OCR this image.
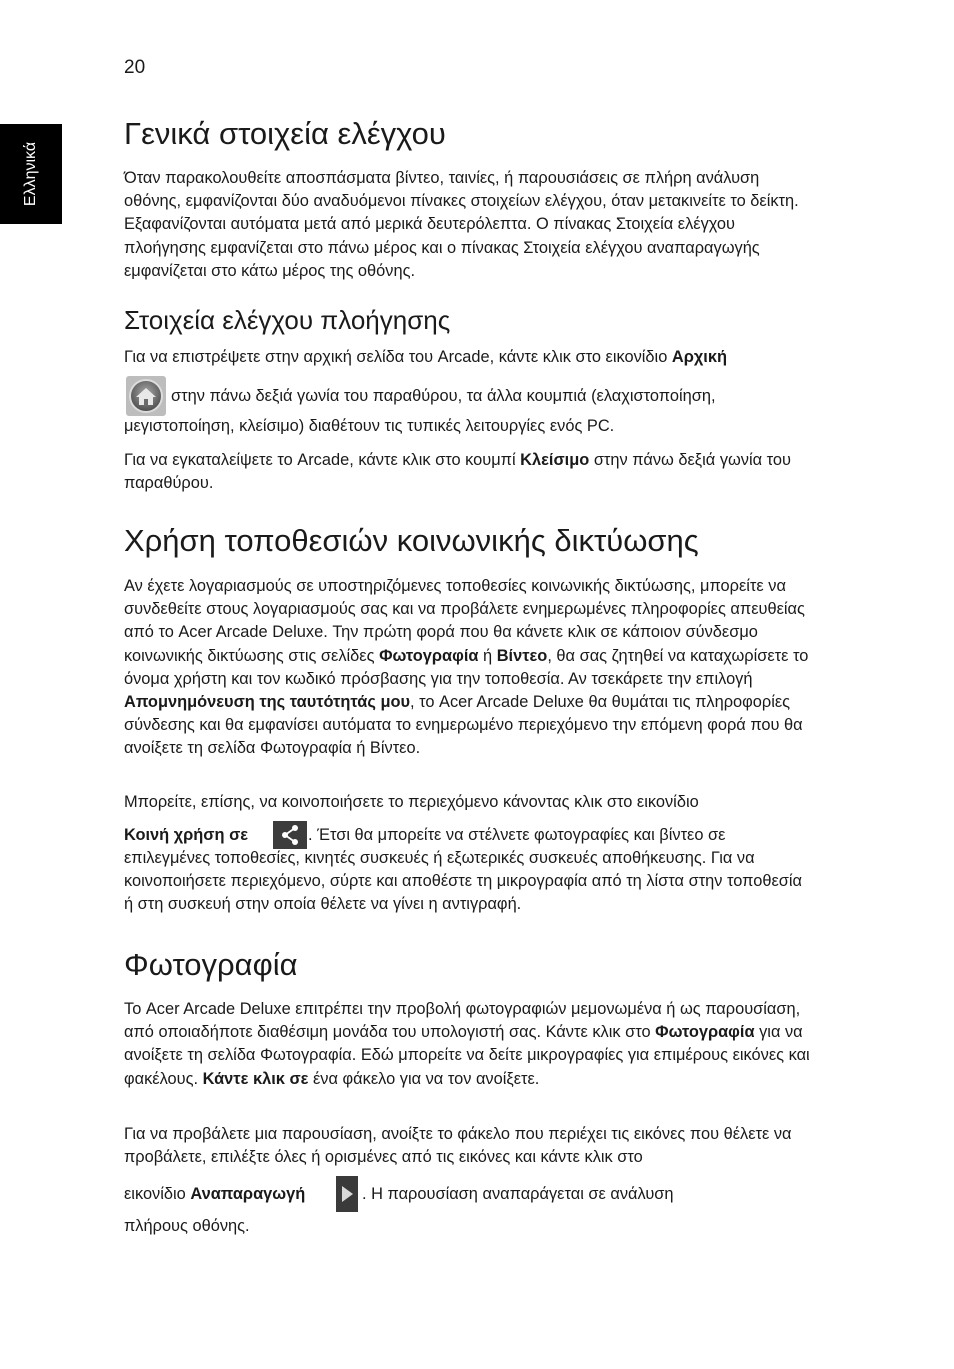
20
Ελληνικά
Γενικά στοιχεία ελέγχου

Όταν παρακολουθείτε αποσπάσματα βίντεο, ταινίες, ή παρουσιάσεις σε πλήρη ανάλυση οθόνης, εμφανίζονται δύο αναδυόμενοι πίνακες στοιχείων ελέγχου, όταν μετακινείτε το δείκτη. Εξαφανίζονται αυτόματα μετά από μερικά δευτερόλεπτα. Ο πίνακας Στοιχεία ελέγχου πλοήγησης εμφανίζεται στο πάνω μέρος και ο πίνακας Στοιχεία ελέγχου αναπαραγωγής εμφανίζεται στο κάτω μέρος της οθόνης.

Στοιχεία ελέγχου πλοήγησης

Για να επιστρέψετε στην αρχική σελίδα του Arcade, κάντε κλικ στο εικονίδιο Αρχική

στην πάνω δεξιά γωνία του παραθύρου, τα άλλα κουμπιά (ελαχιστοποίηση,

μεγιστοποίηση, κλείσιμο) διαθέτουν τις τυπικές λειτουργίες ενός PC.

Για να εγκαταλείψετε το Arcade, κάντε κλικ στο κουμπί Κλείσιμο στην πάνω δεξιά γωνία του παραθύρου.

Χρήση τοποθεσιών κοινωνικής δικτύωσης

Αν έχετε λογαριασμούς σε υποστηριζόμενες τοποθεσίες κοινωνικής δικτύωσης, μπορείτε να συνδεθείτε στους λογαριασμούς σας και να προβάλετε ενημερωμένες πληροφορίες απευθείας από το Acer Arcade Deluxe. Την πρώτη φορά που θα κάνετε κλικ σε κάποιον σύνδεσμο κοινωνικής δικτύωσης στις σελίδες Φωτογραφία ή Βίντεο, θα σας ζητηθεί να καταχωρίσετε το όνομα χρήστη και τον κωδικό πρόσβασης για την τοποθεσία. Αν τσεκάρετε την επιλογή Απομνημόνευση της ταυτότητάς μου, το Acer Arcade Deluxe θα θυμάται τις πληροφορίες σύνδεσης και θα εμφανίσει αυτόματα το ενημερωμένο περιεχόμενο την επόμενη φορά που θα ανοίξετε τη σελίδα Φωτογραφία ή Βίντεο.

Μπορείτε, επίσης, να κοινοποιήσετε το περιεχόμενο κάνοντας κλικ στο εικονίδιο

Κοινή χρήση σε	. Έτσι θα μπορείτε να στέλνετε φωτογραφίες και βίντεο σε

επιλεγμένες τοποθεσίες, κινητές συσκευές ή εξωτερικές συσκευές αποθήκευσης. Για να κοινοποιήσετε περιεχόμενο, σύρτε και αποθέστε τη μικρογραφία από τη λίστα στην τοποθεσία ή στη συσκευή στην οποία θέλετε να γίνει η αντιγραφή.

Φωτογραφία

Το Acer Arcade Deluxe επιτρέπει την προβολή φωτογραφιών μεμονωμένα ή ως παρουσίαση, από οποιαδήποτε διαθέσιμη μονάδα του υπολογιστή σας. Κάντε κλικ στο Φωτογραφία για να ανοίξετε τη σελίδα Φωτογραφία. Εδώ μπορείτε να δείτε μικρογραφίες για επιμέρους εικόνες και φακέλους. Κάντε κλικ σε ένα φάκελο για να τον ανοίξετε.

Για να προβάλετε μια παρουσίαση, ανοίξτε το φάκελο που περιέχει τις εικόνες που θέλετε να προβάλετε, επιλέξτε όλες ή ορισμένες από τις εικόνες και κάντε κλικ στο

εικονίδιο Αναπαραγωγή	. Η παρουσίαση αναπαράγεται σε ανάλυση

πλήρους οθόνης.
